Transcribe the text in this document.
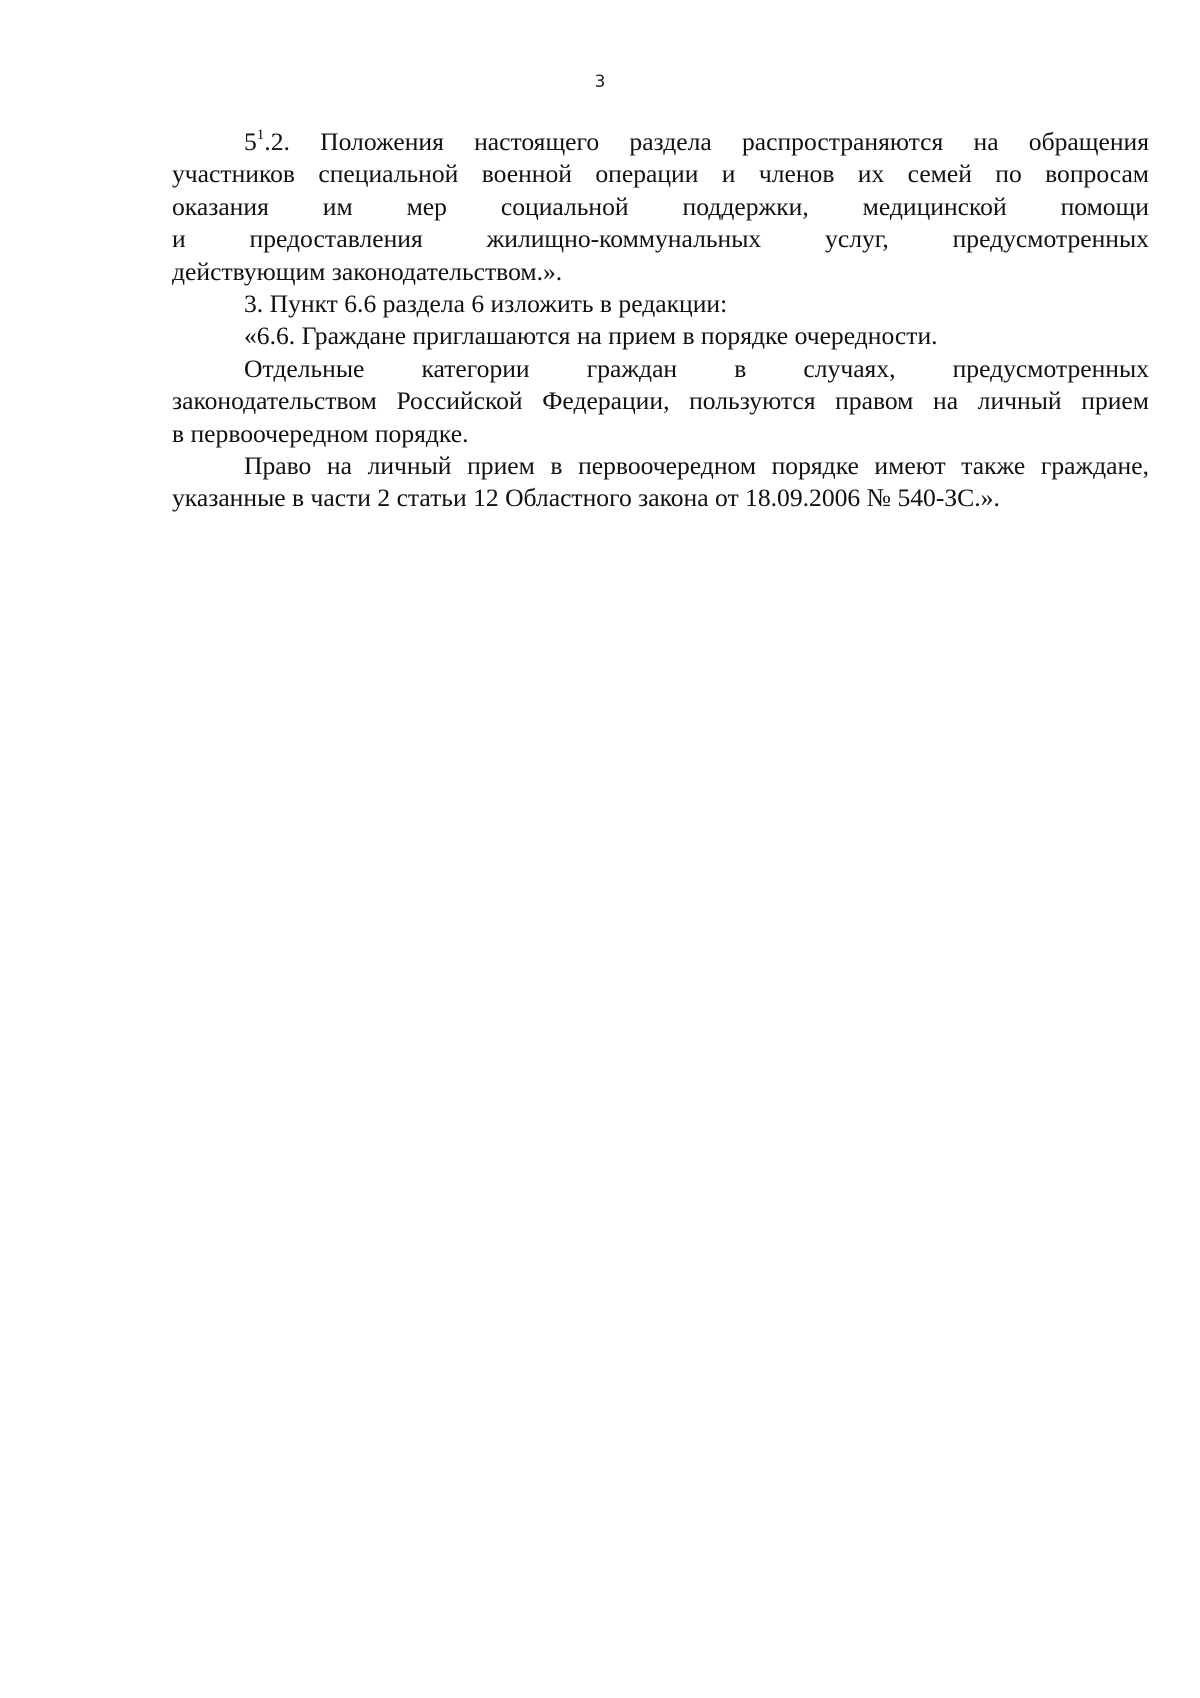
3
$5^1.2$. Положения настоящего раздела распространяются на обращения
участников специальной военной операции и членов их семей по вопросам
оказания им мер социальной поддержки, медицинской помощи
и предоставления жилищно-коммунальных услуг, предусмотренных
действующим законодательством.».
3. Пункт 6.6 раздела 6 изложить в редакции:
«6.6. Граждане приглашаются на прием в порядке очередности.
Отдельные категории граждан в случаях, предусмотренных
законодательством Российской Федерации, пользуются правом на личный прием
в первоочередном порядке.
Право на личный прием в первоочередном порядке имеют также граждане,
указанные в части 2 статьи 12 Областного закона от 18.09.2006 № 540-ЗС.».
